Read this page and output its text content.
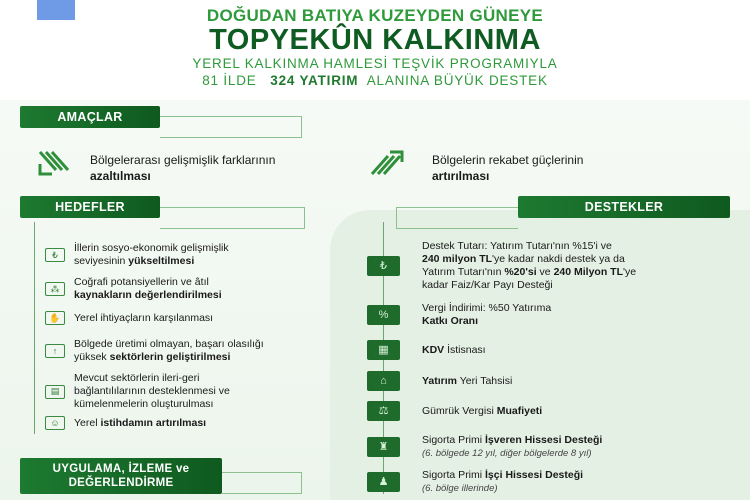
DOĞUDAN BATIYA KUZEYDEN GÜNEYE
TOPYEKÛN KALKINMA
YEREL KALKINMA HAMLESİ TEŞVİK PROGRAMIYLA
81 İLDE 324 YATIRIM ALANINA BÜYÜK DESTEK
AMAÇLAR
Bölgelerarası gelişmişlik farklarının
azaltılması
Bölgelerin rekabet güçlerinin
artırılması
HEDEFLER
₺
İllerin sosyo-ekonomik gelişmişlik
seviyesinin yükseltilmesi
⁂
Coğrafi potansiyellerin ve âtıl
kaynakların değerlendirilmesi
✋	Yerel ihtiyaçların karşılanması
↑
Bölgede üretimi olmayan, başarı olasılığı
yüksek sektörlerin geliştirilmesi
▤
Mevcut sektörlerin ileri-geri
bağlantılılarının desteklenmesi ve
kümelenmelerin oluşturulması
☺	Yerel istihdamın artırılması
UYGULAMA, İZLEME ve
DEĞERLENDİRME
DESTEKLER
₺
Destek Tutarı: Yatırım Tutarı'nın %15'i ve
240 milyon TL'ye kadar nakdi destek ya da
Yatırım Tutarı'nın %20'si ve 240 Milyon TL'ye
kadar Faiz/Kar Payı Desteği
%
Vergi İndirimi: %50 Yatırıma
Katkı Oranı
▦	KDV İstisnası
⌂	Yatırım Yeri Tahsisi
⚖	Gümrük Vergisi Muafiyeti
♜
Sigorta Primi İşveren Hissesi Desteği
(6. bölgede 12 yıl, diğer bölgelerde 8 yıl)
♟
Sigorta Primi İşçi Hissesi Desteği
(6. bölge illerinde)
